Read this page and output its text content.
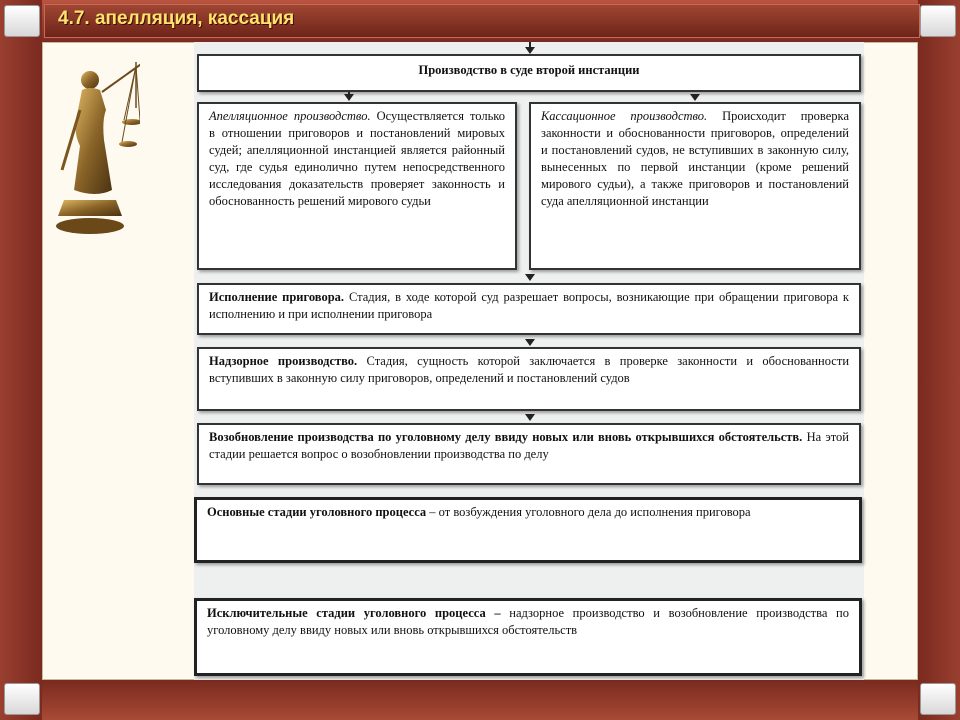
4.7. апелляция, кассация
Производство в суде второй инстанции
Апелляционное производство. Осуществляется только в отношении приговоров и постановлений мировых судей; апелляционной инстанцией является районный суд, где судья единолично путем непосредственного исследования доказательств проверяет законность и обоснованность решений мирового судьи
Кассационное производство. Происходит проверка законности и обоснованности приговоров, определений и постановлений судов, не вступивших в законную силу, вынесенных по первой инстанции (кроме решений мирового судьи), а также приговоров и постановлений суда апелляционной инстанции
Исполнение приговора. Стадия, в ходе которой суд разрешает вопросы, возникающие при обращении приговора к исполнению и при исполнении приговора
Надзорное производство. Стадия, сущность которой заключается в проверке законности и обоснованности вступивших в законную силу приговоров, определений и постановлений судов
Возобновление производства по уголовному делу ввиду новых или вновь открывшихся обстоятельств. На этой стадии решается вопрос о возобновлении производства по делу
Основные стадии уголовного процесса – от возбуждения уголовного дела до исполнения приговора
Исключительные стадии уголовного процесса – надзорное производство и возобновление производства по уголовному делу ввиду новых или вновь открывшихся обстоятельств
